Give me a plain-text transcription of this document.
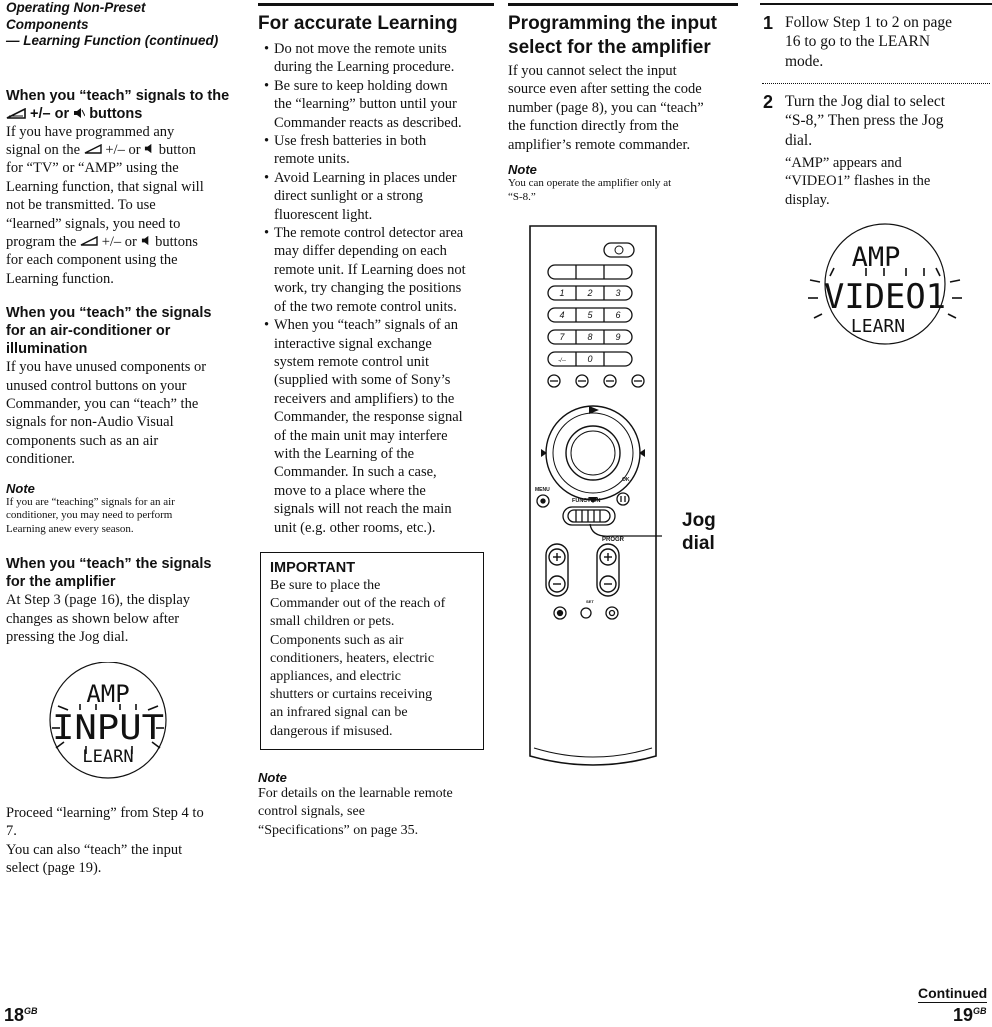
Operating Non-Preset
Components
— Learning Function (continued)
When you “teach” signals to the
+/– or buttons
If you have programmed any
signal on the +/– or button
for “TV” or “AMP” using the
Learning function, that signal will
not be transmitted. To use
“learned” signals, you need to
program the +/– or buttons
for each component using the
Learning function.
When you “teach” the signals
for an air-conditioner or
illumination
If you have unused components or
unused control buttons on your
Commander, you can “teach” the
signals for non-Audio Visual
components such as an air
conditioner.
Note
If you are “teaching” signals for an air
conditioner, you may need to perform
Learning anew every season.
When you “teach” the signals
for the amplifier
At Step 3 (page 16), the display
changes as shown below after
pressing the Jog dial.
AMP
INPUT
LEARN
Proceed “learning” from Step 4 to
7.
You can also “teach” the input
select (page 19).
$18^{GB}$
For accurate Learning
• Do not move the remote units
during the Learning procedure.
• Be sure to keep holding down
the “learning” button until your
Commander reacts as described.
• Use fresh batteries in both
remote units.
• Avoid Learning in places under
direct sunlight or a strong
fluorescent light.
• The remote control detector area
may differ depending on each
remote unit. If Learning does not
work, try changing the positions
of the two remote control units.
• When you “teach” signals of an
interactive signal exchange
system remote control unit
(supplied with some of Sony’s
receivers and amplifiers) to the
Commander, the response signal
of the main unit may interfere
with the Learning of the
Commander. In such a case,
move to a place where the
signals will not reach the main
unit (e.g. other rooms, etc.).
IMPORTANT
Be sure to place the
Commander out of the reach of
small children or pets.
Components such as air
conditioners, heaters, electric
appliances, and electric
shutters or curtains receiving
an infrared signal can be
dangerous if misused.
Note
For details on the learnable remote
control signals, see
“Specifications” on page 35.
Programming the input
select for the amplifier
If you cannot select the input
source even after setting the code
number (page 8), you can “teach”
the function directly from the
amplifier’s remote commander.
Note
You can operate the amplifier only at
“S-8.”
1	2	3
4	5	6
7	8	9
-/-- 0
MENU
OK
FUNCTION
PROGR
SET
Jog
dial
1 Follow Step 1 to 2 on page
16 to go to the LEARN
mode.
2 Turn the Jog dial to select
“S-8,” Then press the Jog
dial.
“AMP” appears and
“VIDEO1” flashes in the
display.
AMP
VIDEO1
LEARN
Continued
$19^{GB}$
